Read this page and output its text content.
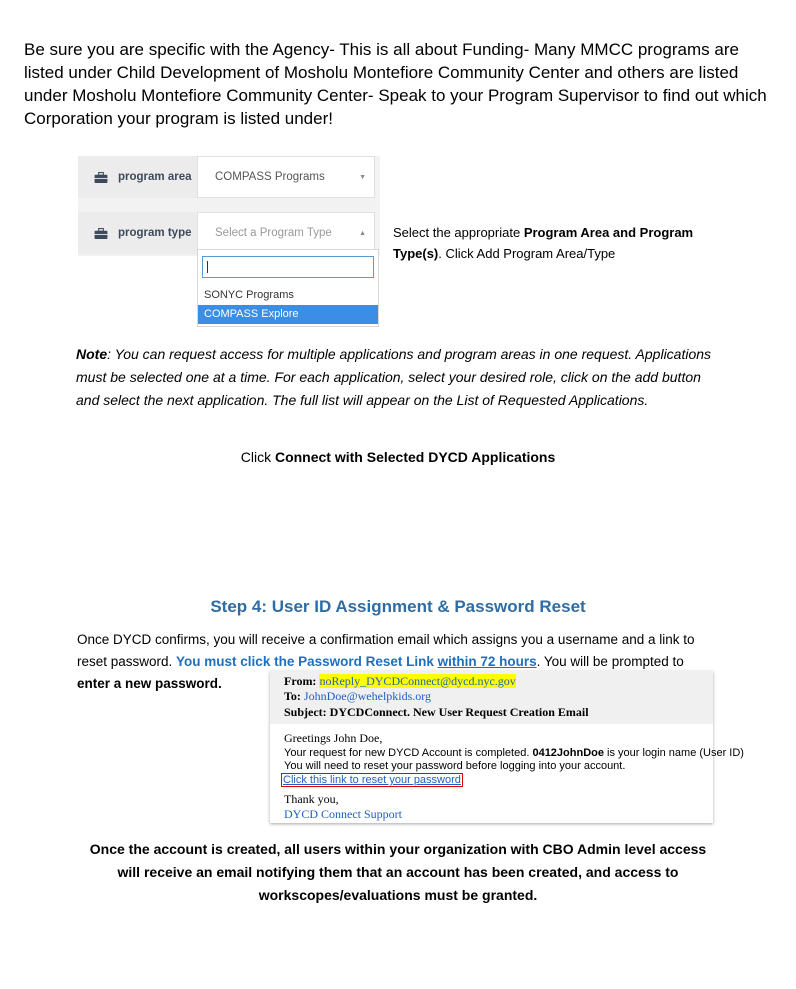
Be sure you are specific with the Agency- This is all about Funding- Many MMCC programs are listed under Child Development of Mosholu Montefiore Community Center and others are listed under Mosholu Montefiore Community Center- Speak to your Program Supervisor to find out which Corporation your program is listed under!
program area COMPASS Programs	▼
program type Select a Program Type	▲
SONYC Programs
COMPASS Explore
Select the appropriate Program Area and Program Type(s). Click Add Program Area/Type
Note: You can request access for multiple applications and program areas in one request. Applications must be selected one at a time. For each application, select your desired role, click on the add button and select the next application. The full list will appear on the List of Requested Applications.
Click Connect with Selected DYCD Applications
Step 4: User ID Assignment & Password Reset
Once DYCD confirms, you will receive a confirmation email which assigns you a username and a link to reset password. You must click the Password Reset Link within 72 hours. You will be prompted to
enter a new password.	From: noReply_DYCDConnect@dycd.nyc.gov
To: JohnDoe@wehelpkids.org
Subject: DYCDConnect. New User Request Creation Email
Greetings John Doe,
Your request for new DYCD Account is completed. 0412JohnDoe is your login name (User ID)
You will need to reset your password before logging into your account.
Click this link to reset your password
Thank you,
DYCD Connect Support
Once the account is created, all users within your organization with CBO Admin level access will receive an email notifying them that an account has been created, and access to workscopes/evaluations must be granted.
